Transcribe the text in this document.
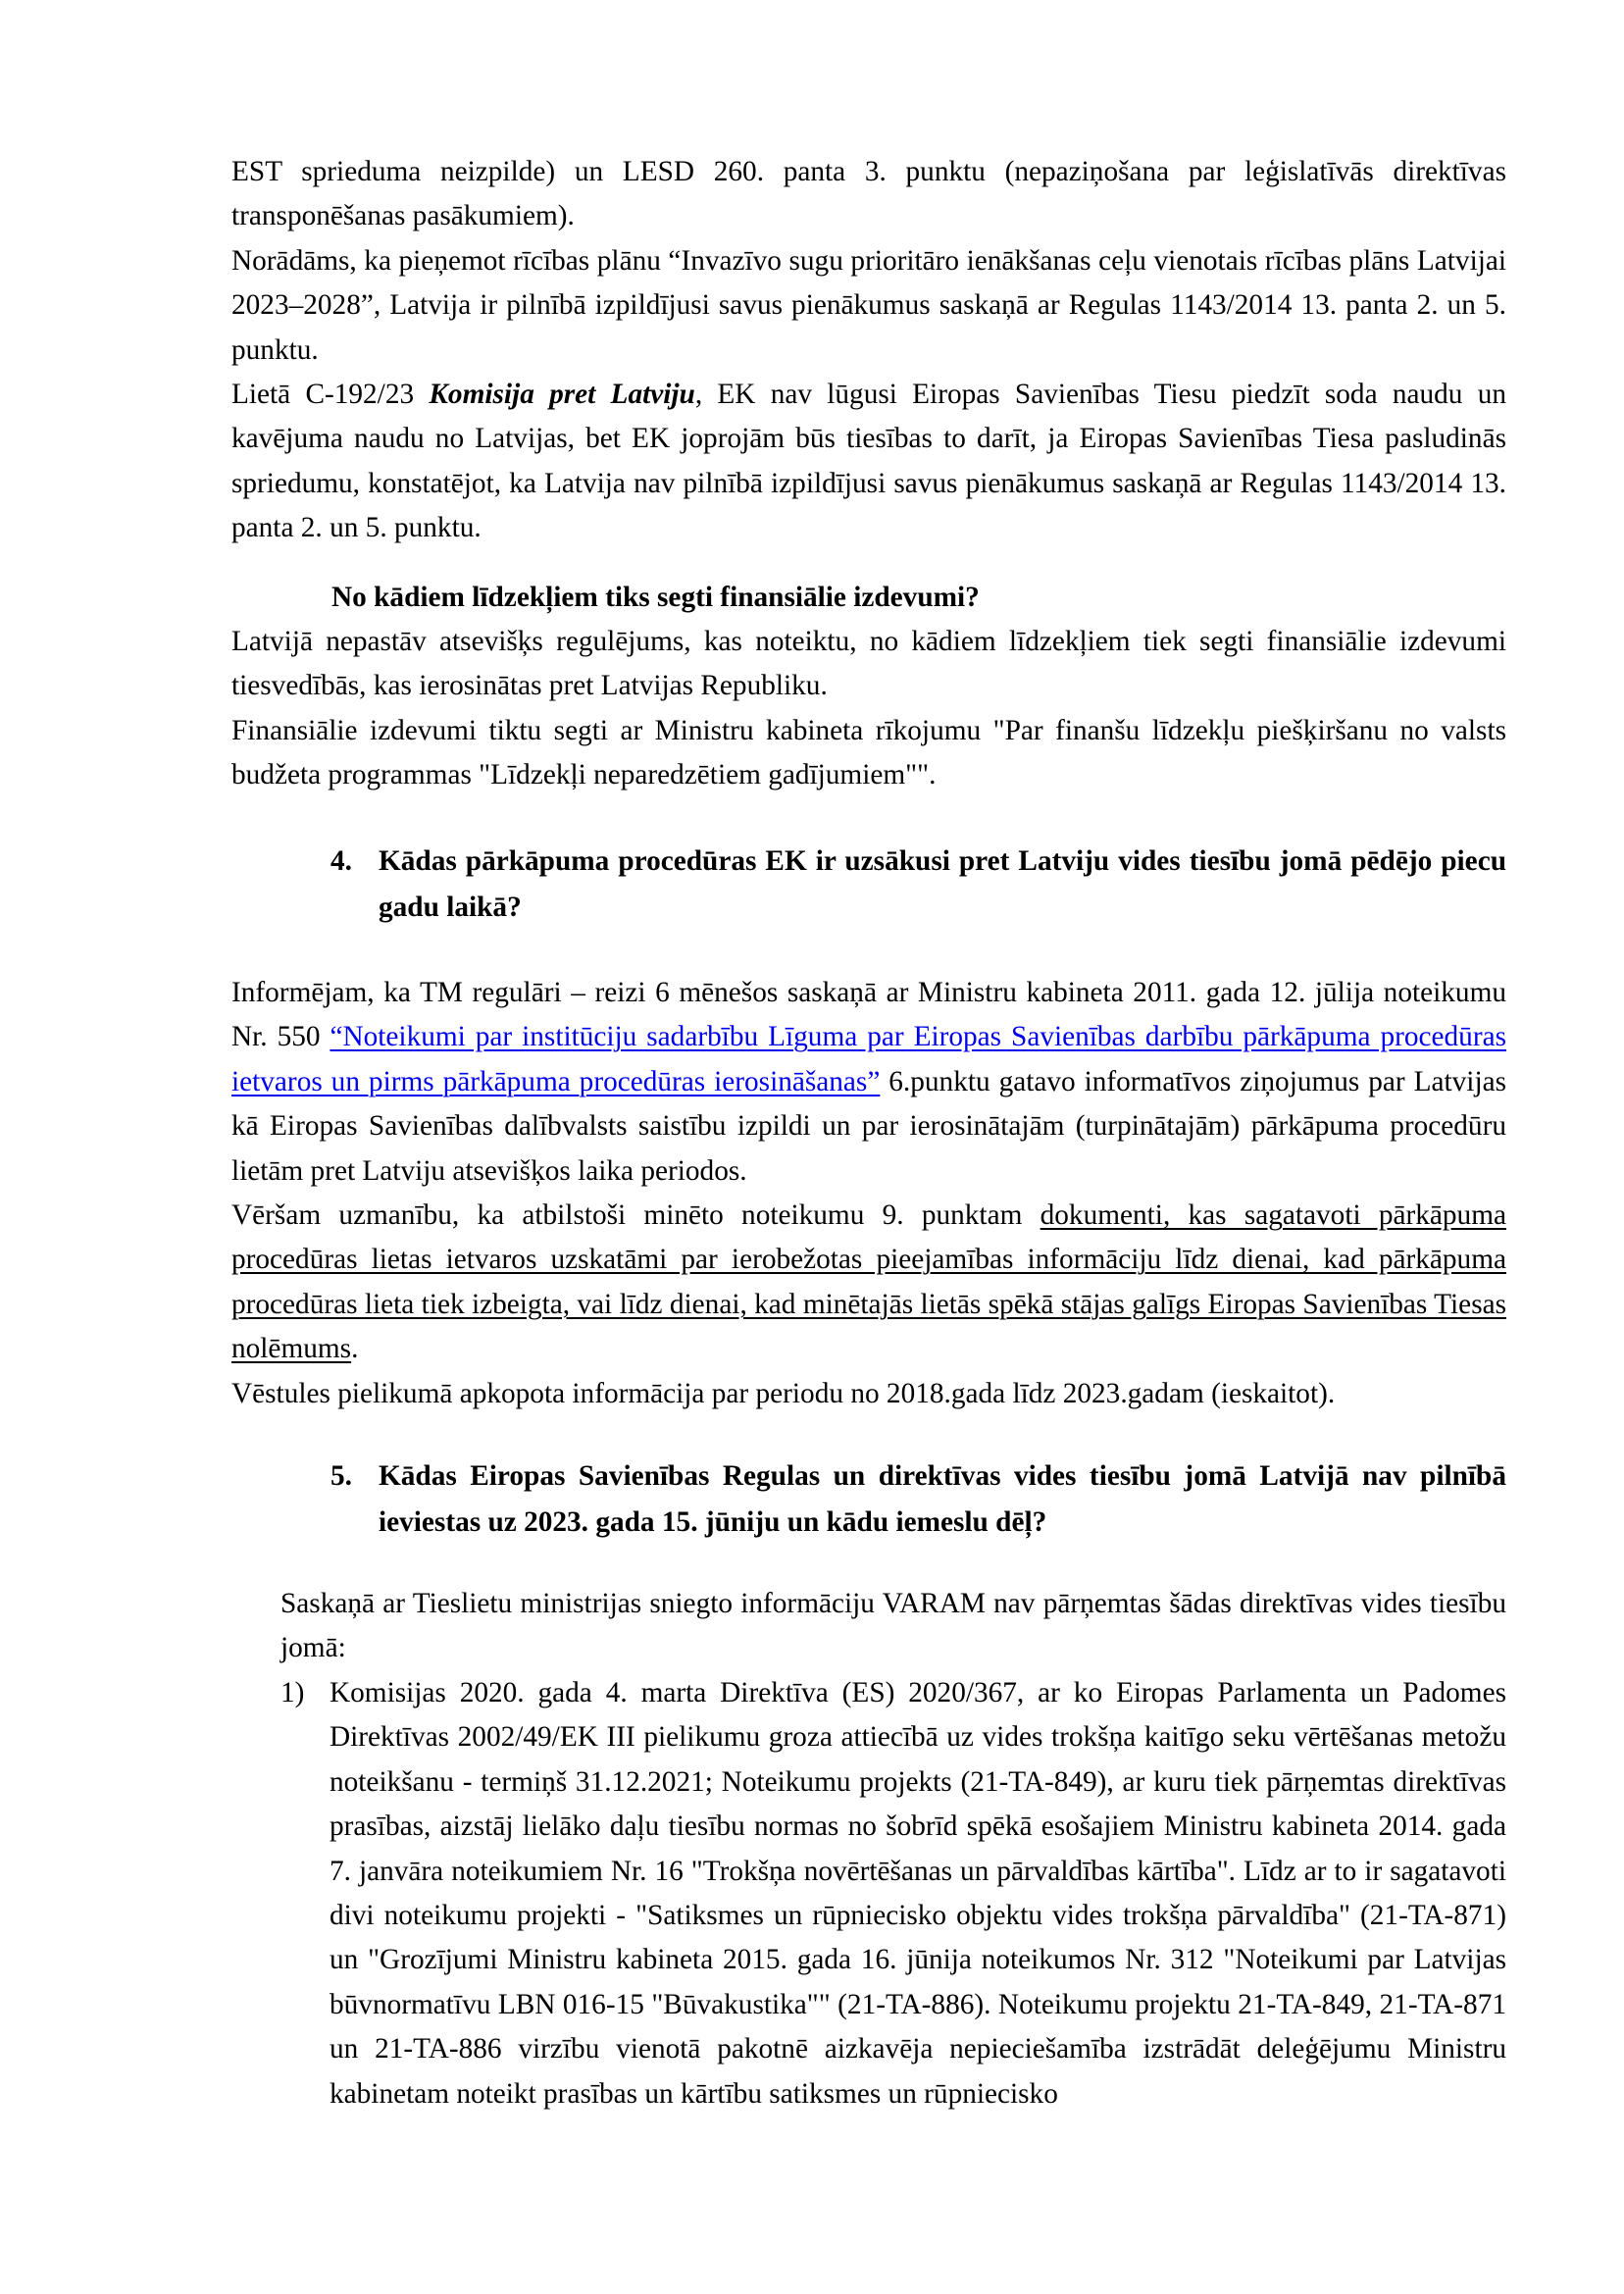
EST sprieduma neizpilde) un LESD 260. panta 3. punktu (nepaziņošana par leģislatīvās direktīvas transponēšanas pasākumiem).

Norādāms, ka pieņemot rīcības plānu “Invazīvo sugu prioritāro ienākšanas ceļu vienotais rīcības plāns Latvijai 2023–2028”, Latvija ir pilnībā izpildījusi savus pienākumus saskaņā ar Regulas 1143/2014 13. panta 2. un 5. punktu.

Lietā C-192/23 Komisija pret Latviju, EK nav lūgusi Eiropas Savienības Tiesu piedzīt soda naudu un kavējuma naudu no Latvijas, bet EK joprojām būs tiesības to darīt, ja Eiropas Savienības Tiesa pasludinās spriedumu, konstatējot, ka Latvija nav pilnībā izpildījusi savus pienākumus saskaņā ar Regulas 1143/2014 13. panta 2. un 5. punktu.

No kādiem līdzekļiem tiks segti finansiālie izdevumi?

Latvijā nepastāv atsevišķs regulējums, kas noteiktu, no kādiem līdzekļiem tiek segti finansiālie izdevumi tiesvedībās, kas ierosinātas pret Latvijas Republiku.

Finansiālie izdevumi tiktu segti ar Ministru kabineta rīkojumu "Par finanšu līdzekļu piešķiršanu no valsts budžeta programmas "Līdzekļi neparedzētiem gadījumiem"".

4. Kādas pārkāpuma procedūras EK ir uzsākusi pret Latviju vides tiesību jomā pēdējo piecu gadu laikā?

Informējam, ka TM regulāri – reizi 6 mēnešos saskaņā ar Ministru kabineta 2011. gada 12. jūlija noteikumu Nr. 550 “Noteikumi par institūciju sadarbību Līguma par Eiropas Savienības darbību pārkāpuma procedūras ietvaros un pirms pārkāpuma procedūras ierosināšanas” 6.punktu gatavo informatīvos ziņojumus par Latvijas kā Eiropas Savienības dalībvalsts saistību izpildi un par ierosinātajām (turpinātajām) pārkāpuma procedūru lietām pret Latviju atsevišķos laika periodos.

Vēršam uzmanību, ka atbilstoši minēto noteikumu 9. punktam dokumenti, kas sagatavoti pārkāpuma procedūras lietas ietvaros uzskatāmi par ierobežotas pieejamības informāciju līdz dienai, kad pārkāpuma procedūras lieta tiek izbeigta, vai līdz dienai, kad minētajās lietās spēkā stājas galīgs Eiropas Savienības Tiesas nolēmums.

Vēstules pielikumā apkopota informācija par periodu no 2018.gada līdz 2023.gadam (ieskaitot).

5. Kādas Eiropas Savienības Regulas un direktīvas vides tiesību jomā Latvijā nav pilnībā ieviestas uz 2023. gada 15. jūniju un kādu iemeslu dēļ?
Saskaņā ar Tieslietu ministrijas sniegto informāciju VARAM nav pārņemtas šādas direktīvas vides tiesību jomā:
1) Komisijas 2020. gada 4. marta Direktīva (ES) 2020/367, ar ko Eiropas Parlamenta un Padomes Direktīvas 2002/49/EK III pielikumu groza attiecībā uz vides trokšņa kaitīgo seku vērtēšanas metožu noteikšanu - termiņš 31.12.2021; Noteikumu projekts (21-TA-849), ar kuru tiek pārņemtas direktīvas prasības, aizstāj lielāko daļu tiesību normas no šobrīd spēkā esošajiem Ministru kabineta 2014. gada 7. janvāra noteikumiem Nr. 16 "Trokšņa novērtēšanas un pārvaldības kārtība". Līdz ar to ir sagatavoti divi noteikumu projekti - "Satiksmes un rūpniecisko objektu vides trokšņa pārvaldība" (21-TA-871) un "Grozījumi Ministru kabineta 2015. gada 16. jūnija noteikumos Nr. 312 "Noteikumi par Latvijas būvnormatīvu LBN 016-15 "Būvakustika"" (21-TA-886). Noteikumu projektu 21-TA-849, 21-TA-871 un 21-TA-886 virzību vienotā pakotnē aizkavēja nepieciešamība izstrādāt deleģējumu Ministru kabinetam noteikt prasības un kārtību satiksmes un rūpniecisko
